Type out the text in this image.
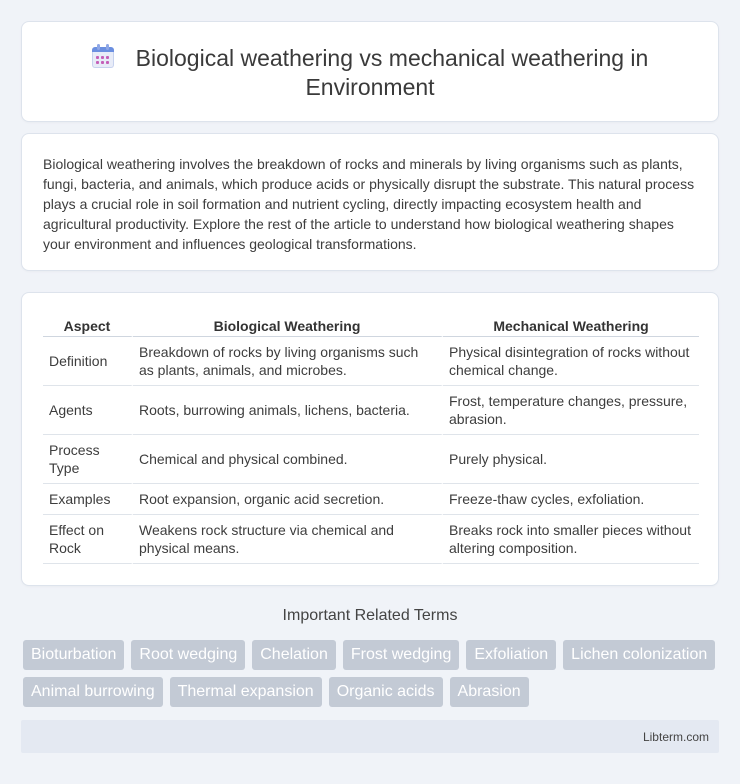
Biological weathering vs mechanical weathering in Environment

Biological weathering involves the breakdown of rocks and minerals by living organisms such as plants, fungi, bacteria, and animals, which produce acids or physically disrupt the substrate. This natural process plays a crucial role in soil formation and nutrient cycling, directly impacting ecosystem health and agricultural productivity. Explore the rest of the article to understand how biological weathering shapes your environment and influences geological transformations.

Aspect	Biological Weathering	Mechanical Weathering
Definition	Breakdown of rocks by living organisms such as plants, animals, and microbes.	Physical disintegration of rocks without chemical change.
Agents	Roots, burrowing animals, lichens, bacteria.	Frost, temperature changes, pressure, abrasion.
Process Type	Chemical and physical combined.	Purely physical.
Examples	Root expansion, organic acid secretion.	Freeze-thaw cycles, exfoliation.
Effect on Rock	Weakens rock structure via chemical and physical means.	Breaks rock into smaller pieces without altering composition.
Important Related Terms
Bioturbation	Root wedging	Chelation	Frost wedging	Exfoliation	Lichen colonization
Animal burrowing	Thermal expansion	Organic acids	Abrasion
Libterm.com
